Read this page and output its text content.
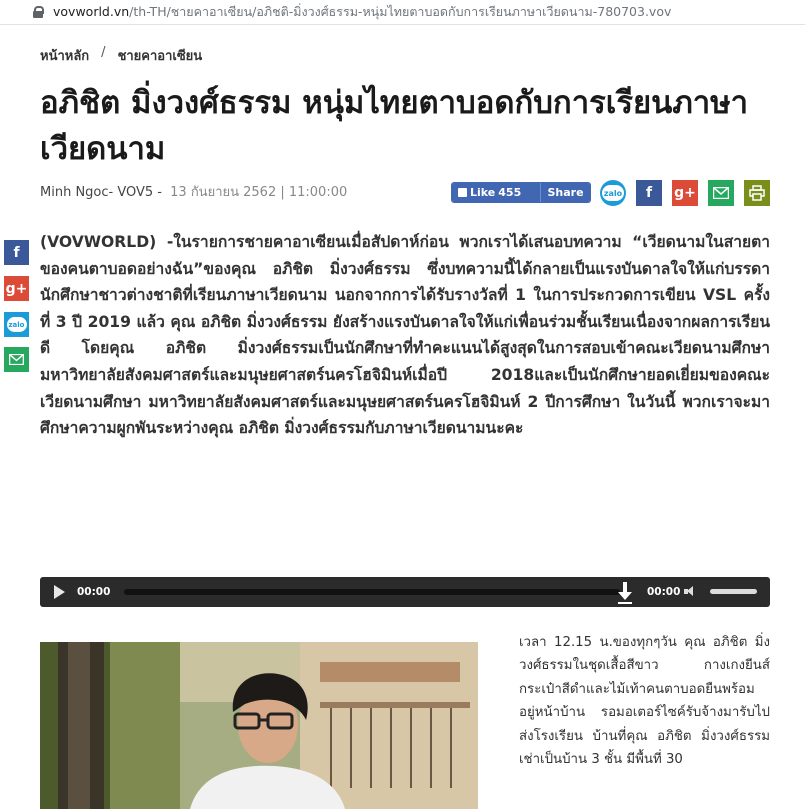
vovworld.vn/th-TH/ชายคาอาเซียน/อภิชติ-มิ่งวงศ์ธรรม-หนุ่มไทยตาบอดกับการเรียนภาษาเวียดนาม-780703.vov
หน้าหลัก / ชายคาอาเซียน
อภิชิต มิ่งวงศ์ธรรม หนุ่มไทยตาบอดกับการเรียนภาษาเวียดนาม
Minh Ngoc- VOV5 - 13 กันยายน 2562 | 11:00:00	Like 455	Share	zalo	f	g+
f
g+
zalo

(VOVWORLD) -ในรายการชายคาอาเซียนเมื่อสัปดาห์ก่อน พวกเราได้เสนอบทความ “เวียดนามในสายตาของคนตาบอดอย่างฉัน”ของคุณ อภิชิต มิ่งวงศ์ธรรม ซึ่งบทความนี้ได้กลายเป็นแรงบันดาลใจให้แก่บรรดานักศึกษาชาวต่างชาติที่เรียนภาษาเวียดนาม นอกจากการได้รับรางวัลที่ 1 ในการประกวดการเขียน VSL ครั้งที่ 3 ปี 2019 แล้ว คุณ อภิชิต มิ่งวงศ์ธรรม ยังสร้างแรงบันดาลใจให้แก่เพื่อนร่วมชั้นเรียนเนื่องจากผลการเรียนดี โดยคุณ อภิชิต มิ่งวงศ์ธรรมเป็นนักศึกษาที่ทำคะแนนได้สูงสุดในการสอบเข้าคณะเวียดนามศึกษา มหาวิทยาลัยสังคมศาสตร์และมนุษยศาสตร์นครโฮจิมินห์เมื่อปี 2018และเป็นนักศึกษายอดเยี่ยมของคณะเวียดนามศึกษา มหาวิทยาลัยสังคมศาสตร์และมนุษยศาสตร์นครโฮจิมินห์ 2 ปีการศึกษา ในวันนี้ พวกเราจะมาศึกษาความผูกพันระหว่างคุณ อภิชิต มิ่งวงศ์ธรรมกับภาษาเวียดนามนะคะ

00:00	00:00

เวลา 12.15 น.ของทุกๆวัน คุณ อภิชิต มิ่งวงศ์ธรรมในชุดเสื้อสีขาว กางเกงยีนส์ กระเป๋าสีดำและไม้เท้าคนตาบอดยืนพร้อมอยู่หน้าบ้าน รอมอเตอร์ไซค์รับจ้างมารับไปส่งโรงเรียน บ้านที่คุณ อภิชิต มิ่งวงศ์ธรรม เช่าเป็นบ้าน 3 ชั้น มีพื้นที่ 30
